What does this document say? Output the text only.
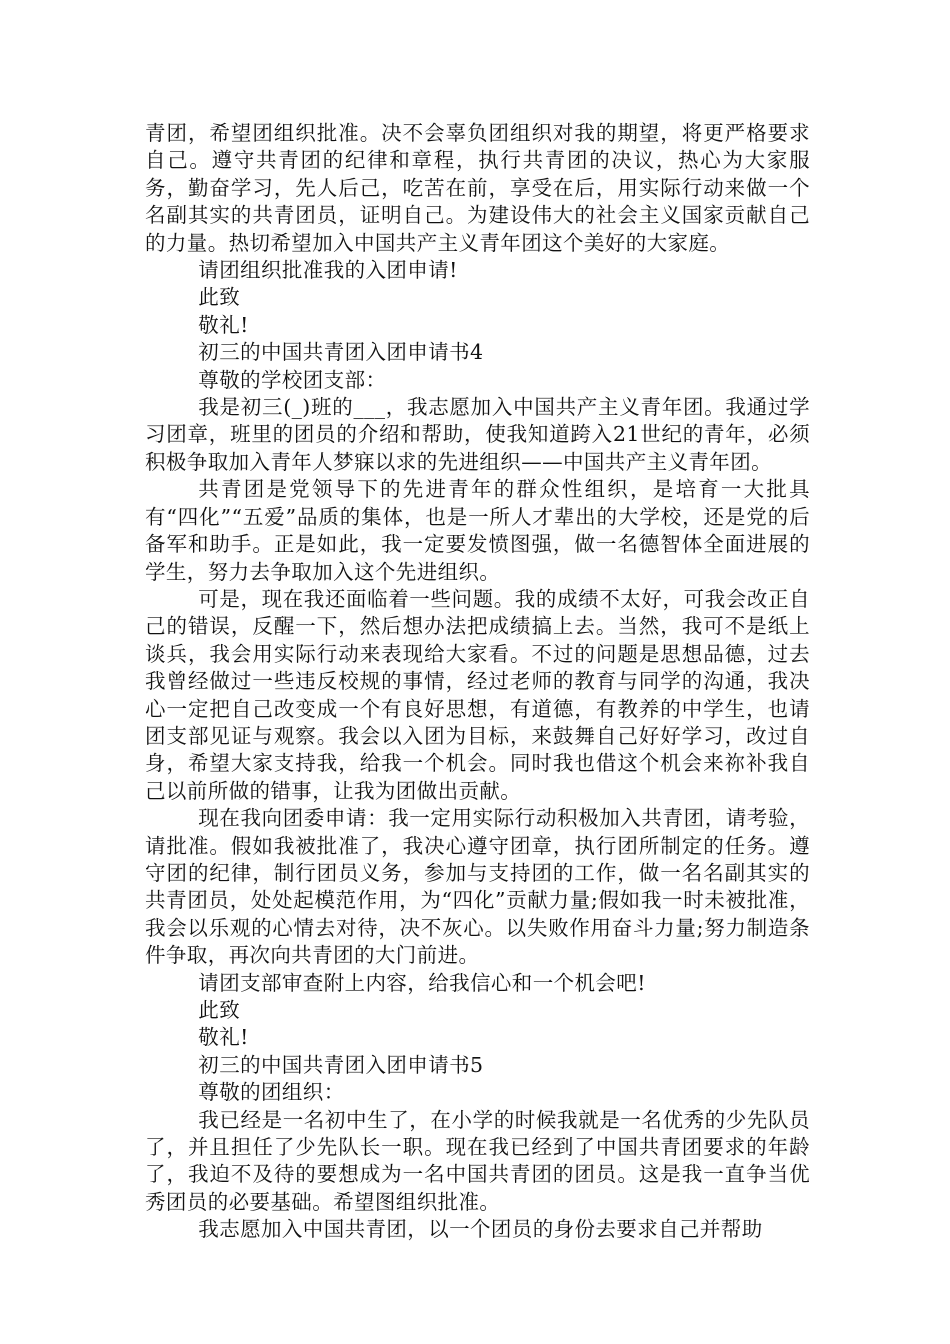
青团，希望团组织批准。决不会辜负团组织对我的期望，将更严格要求自己。遵守共青团的纪律和章程，执行共青团的决议，热心为大家服务，勤奋学习，先人后己，吃苦在前，享受在后，用实际行动来做一个名副其实的共青团员，证明自己。为建设伟大的社会主义国家贡献自己的力量。热切希望加入中国共产主义青年团这个美好的大家庭。

请团组织批准我的入团申请!

此致

敬礼!

初三的中国共青团入团申请书4

尊敬的学校团支部：

我是初三(_)班的___，我志愿加入中国共产主义青年团。我通过学习团章，班里的团员的介绍和帮助，使我知道跨入21世纪的青年，必须积极争取加入青年人梦寐以求的先进组织——中国共产主义青年团。

共青团是党领导下的先进青年的群众性组织，是培育一大批具有“四化”“五爱”品质的集体，也是一所人才辈出的大学校，还是党的后备军和助手。正是如此，我一定要发愤图强，做一名德智体全面进展的学生，努力去争取加入这个先进组织。

可是，现在我还面临着一些问题。我的成绩不太好，可我会改正自己的错误，反醒一下，然后想办法把成绩搞上去。当然，我可不是纸上谈兵，我会用实际行动来表现给大家看。不过的问题是思想品德，过去我曾经做过一些违反校规的事情，经过老师的教育与同学的沟通，我决心一定把自己改变成一个有良好思想，有道德，有教养的中学生，也请团支部见证与观察。我会以入团为目标，来鼓舞自己好好学习，改过自身，希望大家支持我，给我一个机会。同时我也借这个机会来祢补我自己以前所做的错事，让我为团做出贡献。

现在我向团委申请：我一定用实际行动积极加入共青团，请考验，请批准。假如我被批准了，我决心遵守团章，执行团所制定的任务。遵守团的纪律，制行团员义务，参加与支持团的工作，做一名名副其实的共青团员，处处起模范作用，为“四化”贡献力量;假如我一时未被批准，我会以乐观的心情去对待，决不灰心。以失败作用奋斗力量;努力制造条件争取，再次向共青团的大门前进。

请团支部审查附上内容，给我信心和一个机会吧!

此致

敬礼!

初三的中国共青团入团申请书5

尊敬的团组织：

我已经是一名初中生了，在小学的时候我就是一名优秀的少先队员了，并且担任了少先队长一职。现在我已经到了中国共青团要求的年龄了，我迫不及待的要想成为一名中国共青团的团员。这是我一直争当优秀团员的必要基础。希望图组织批准。

我志愿加入中国共青团，以一个团员的身份去要求自己并帮助
